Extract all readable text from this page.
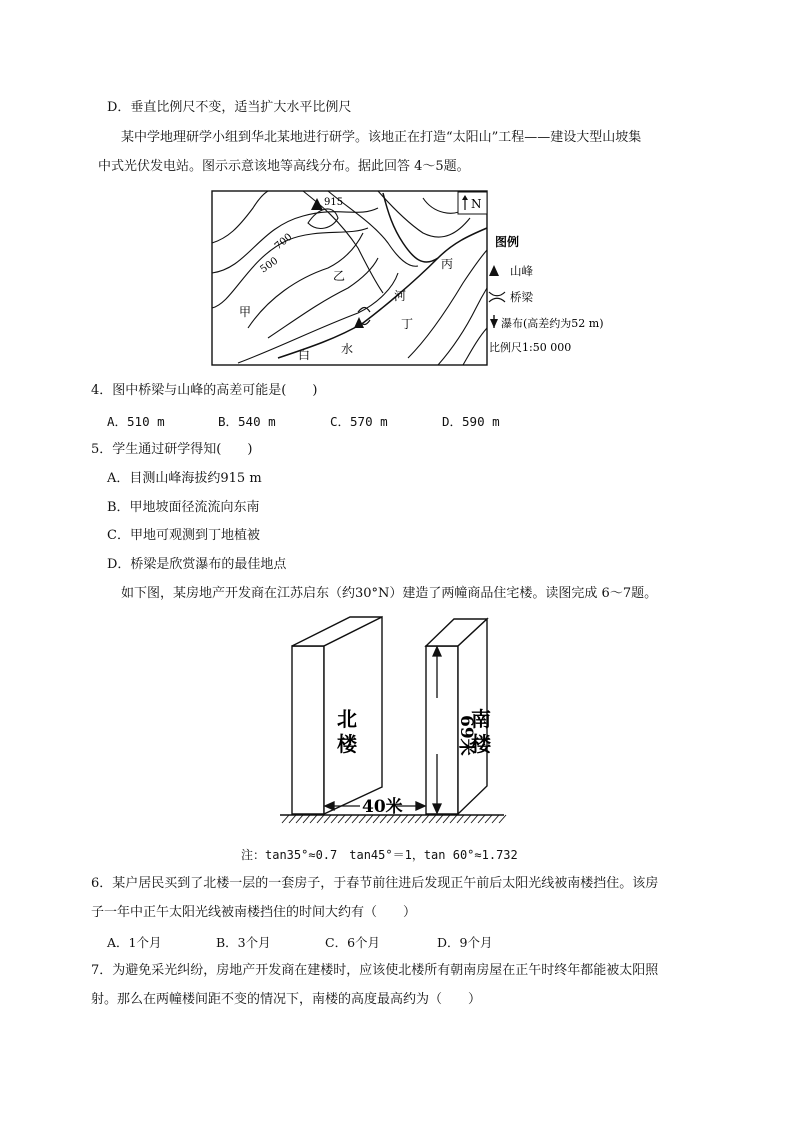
D．垂直比例尺不变，适当扩大水平比例尺
某中学地理研学小组到华北某地进行研学。该地正在打造“太阳山”工程——建设大型山坡集
中式光伏发电站。图示示意该地等高线分布。据此回答 4～5题。
915	N
700
500
甲
乙
丙
丁
河
白	水
图例
山峰
桥梁
瀑布(高差约为52 m)
比例尺1:50 000
4．图中桥梁与山峰的高差可能是(　　)
A．510 m	B．540 m	C．570 m	D．590 m
5．学生通过研学得知(　　)
A．目测山峰海拔约915 m
B．甲地坡面径流流向东南
C．甲地可观测到丁地植被
D．桥梁是欣赏瀑布的最佳地点
如下图，某房地产开发商在江苏启东（约30°N）建造了两幢商品住宅楼。读图完成 6～7题。
北
楼
南
楼
69米
40米
注：tan35°≈0.7　tan45°＝1，tan 60°≈1.732
6．某户居民买到了北楼一层的一套房子，于春节前往进后发现正午前后太阳光线被南楼挡住。该房
子一年中正午太阳光线被南楼挡住的时间大约有（　　）
A．1个月	B．3个月	C．6个月	D．9个月
7．为避免采光纠纷，房地产开发商在建楼时，应该使北楼所有朝南房屋在正午时终年都能被太阳照
射。那么在两幢楼间距不变的情况下，南楼的高度最高约为（　　）
